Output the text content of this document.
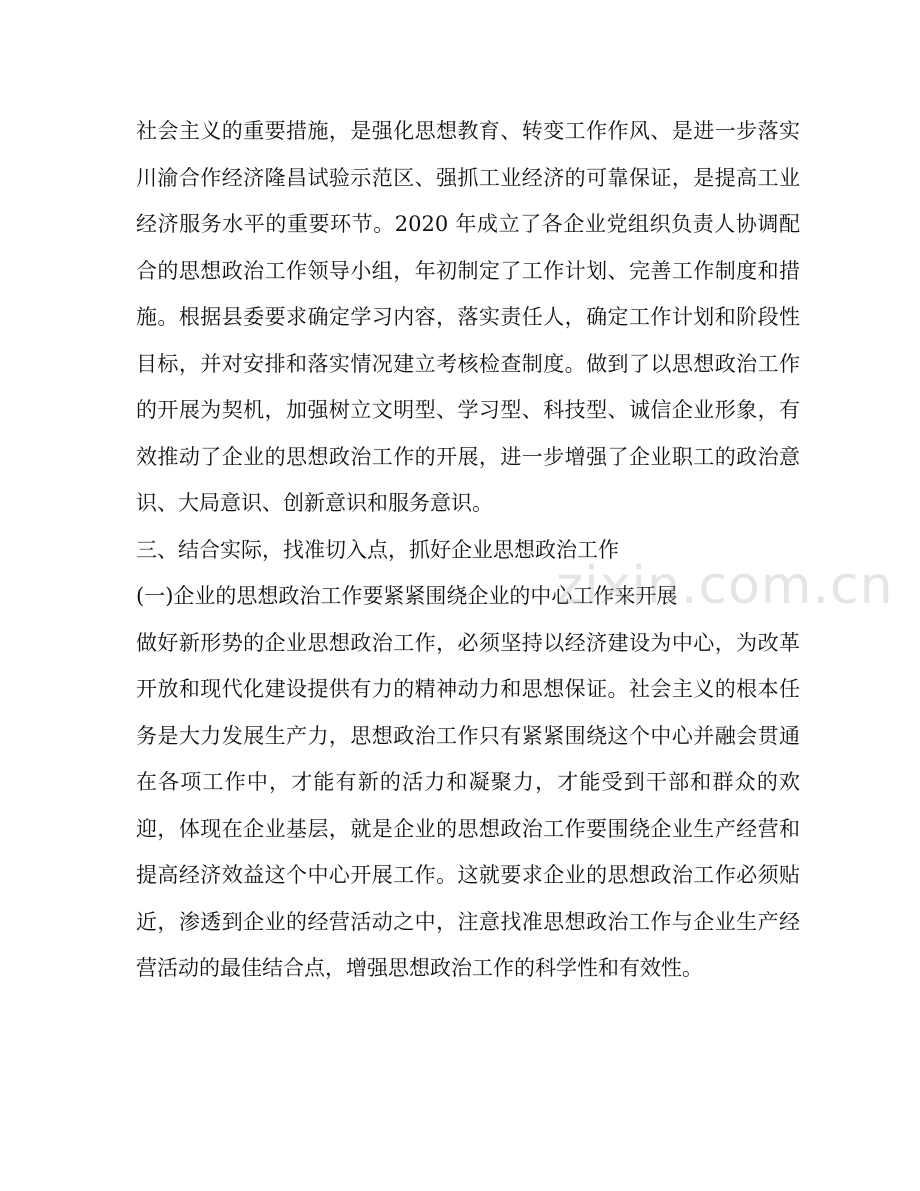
社会主义的重要措施，是强化思想教育、转变工作作风、是进一步落实
川渝合作经济隆昌试验示范区、强抓工业经济的可靠保证，是提高工业
经济服务水平的重要环节。2020 年成立了各企业党组织负责人协调配
合的思想政治工作领导小组，年初制定了工作计划、完善工作制度和措
施。根据县委要求确定学习内容，落实责任人，确定工作计划和阶段性
目标，并对安排和落实情况建立考核检查制度。做到了以思想政治工作
的开展为契机，加强树立文明型、学习型、科技型、诚信企业形象，有
效推动了企业的思想政治工作的开展，进一步增强了企业职工的政治意
识、大局意识、创新意识和服务意识。
三、结合实际，找准切入点，抓好企业思想政治工作
(一)企业的思想政治工作要紧紧围绕企业的中心工作来开展
做好新形势的企业思想政治工作，必须坚持以经济建设为中心，为改革
开放和现代化建设提供有力的精神动力和思想保证。社会主义的根本任
务是大力发展生产力，思想政治工作只有紧紧围绕这个中心并融会贯通
在各项工作中，才能有新的活力和凝聚力，才能受到干部和群众的欢
迎，体现在企业基层，就是企业的思想政治工作要围绕企业生产经营和
提高经济效益这个中心开展工作。这就要求企业的思想政治工作必须贴
近，渗透到企业的经营活动之中，注意找准思想政治工作与企业生产经
营活动的最佳结合点，增强思想政治工作的科学性和有效性。
zixin.com.cn
